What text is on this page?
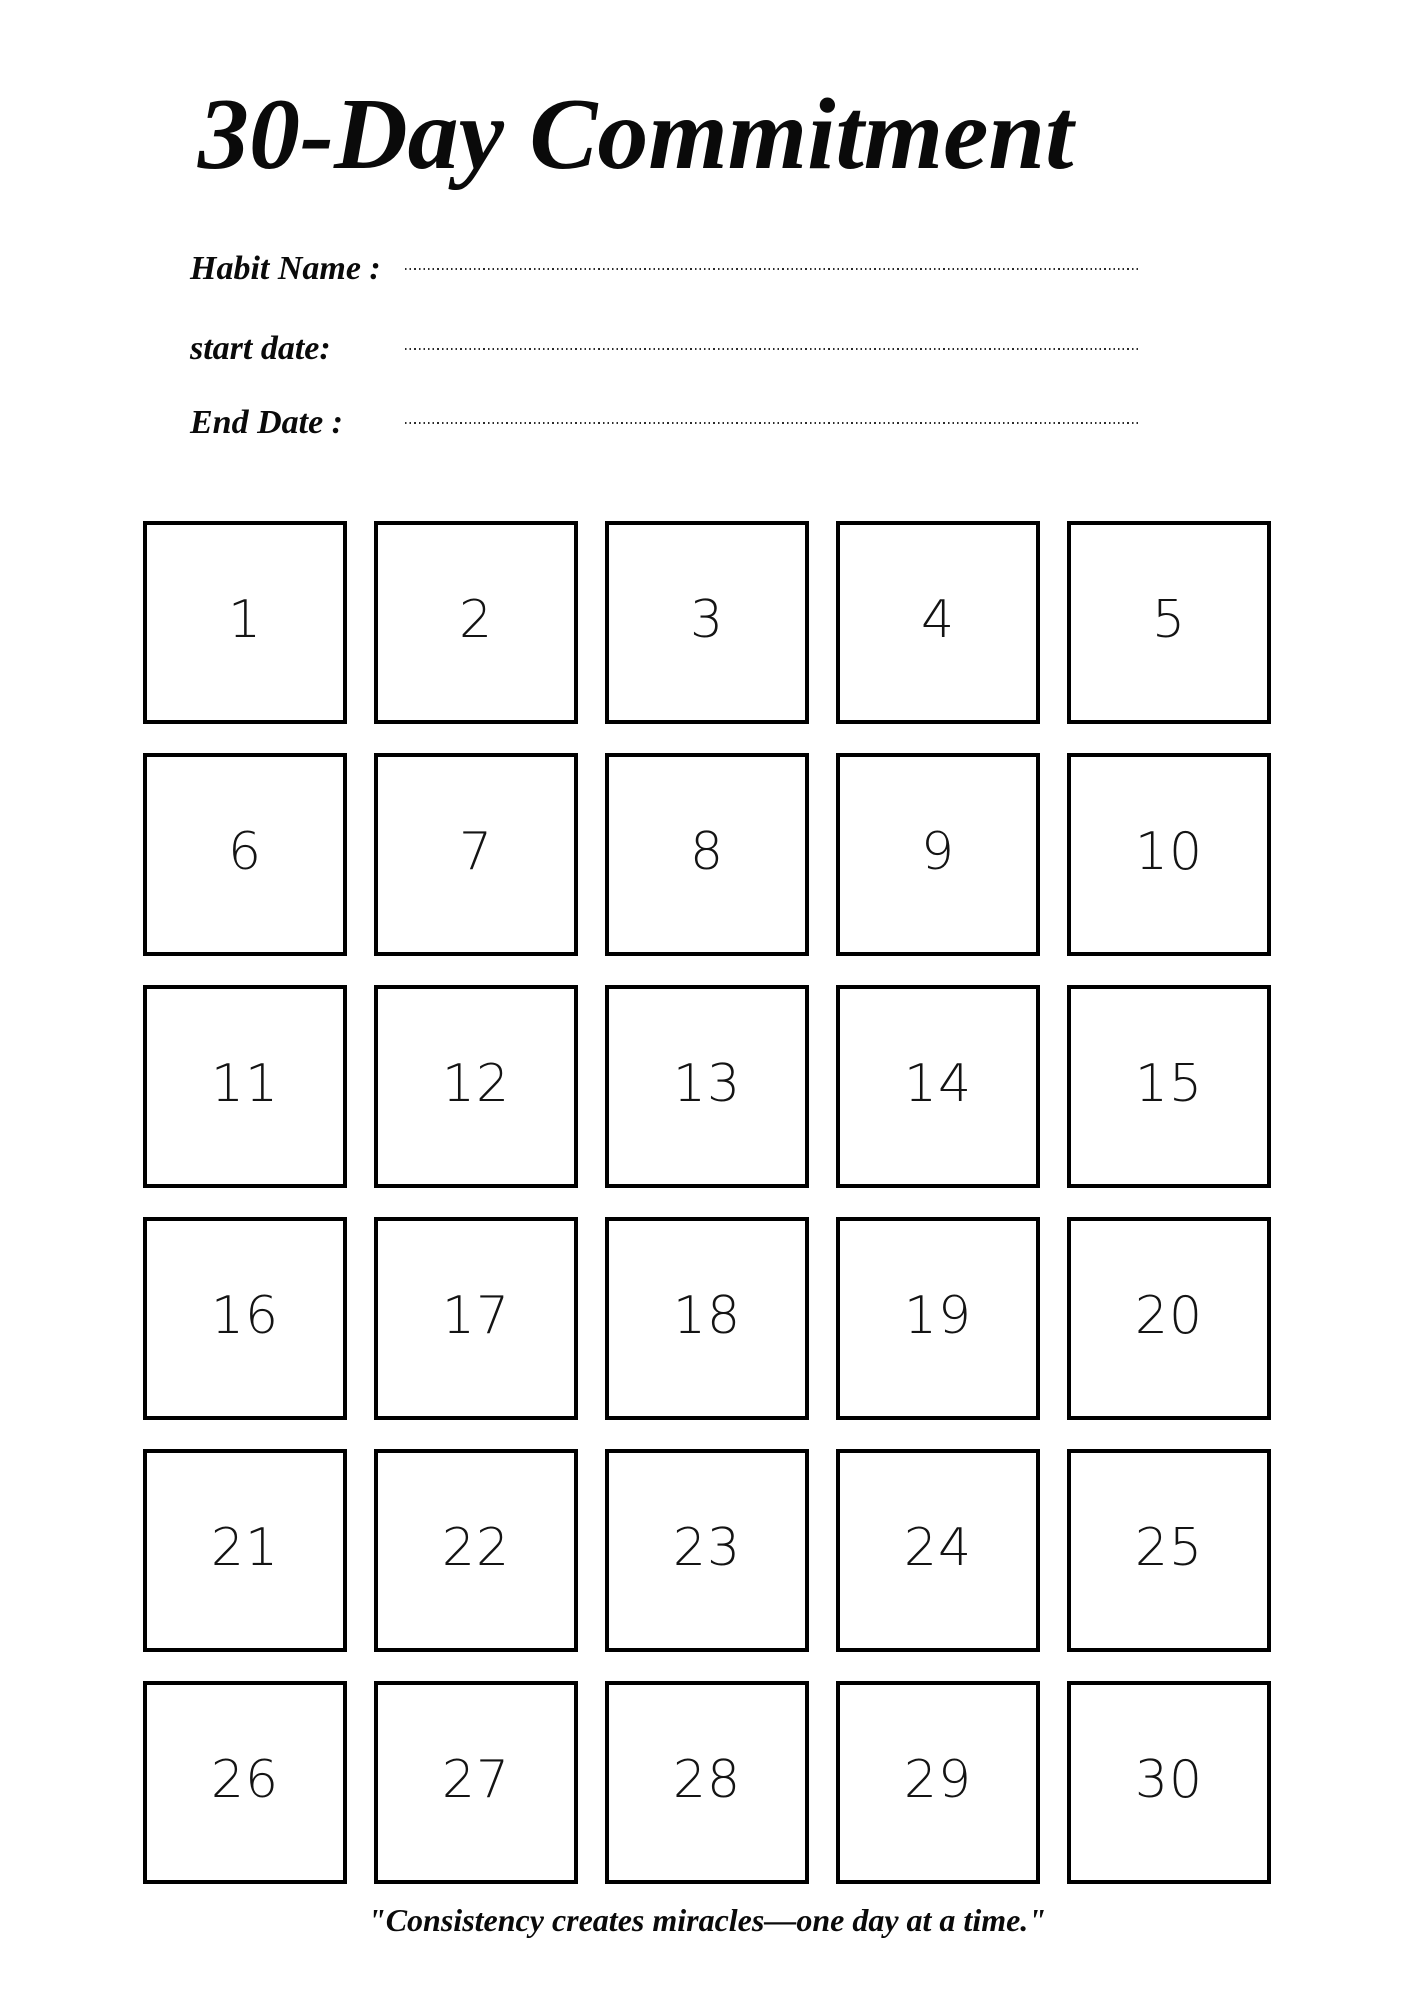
30-Day Commitment
Habit Name :
start date:
End Date :
1	2	3	4	5
6	7	8	9	10
11	12	13	14	15
16	17	18	19	20
21	22	23	24	25
26	27	28	29	30

"Consistency creates miracles—one day at a time."
